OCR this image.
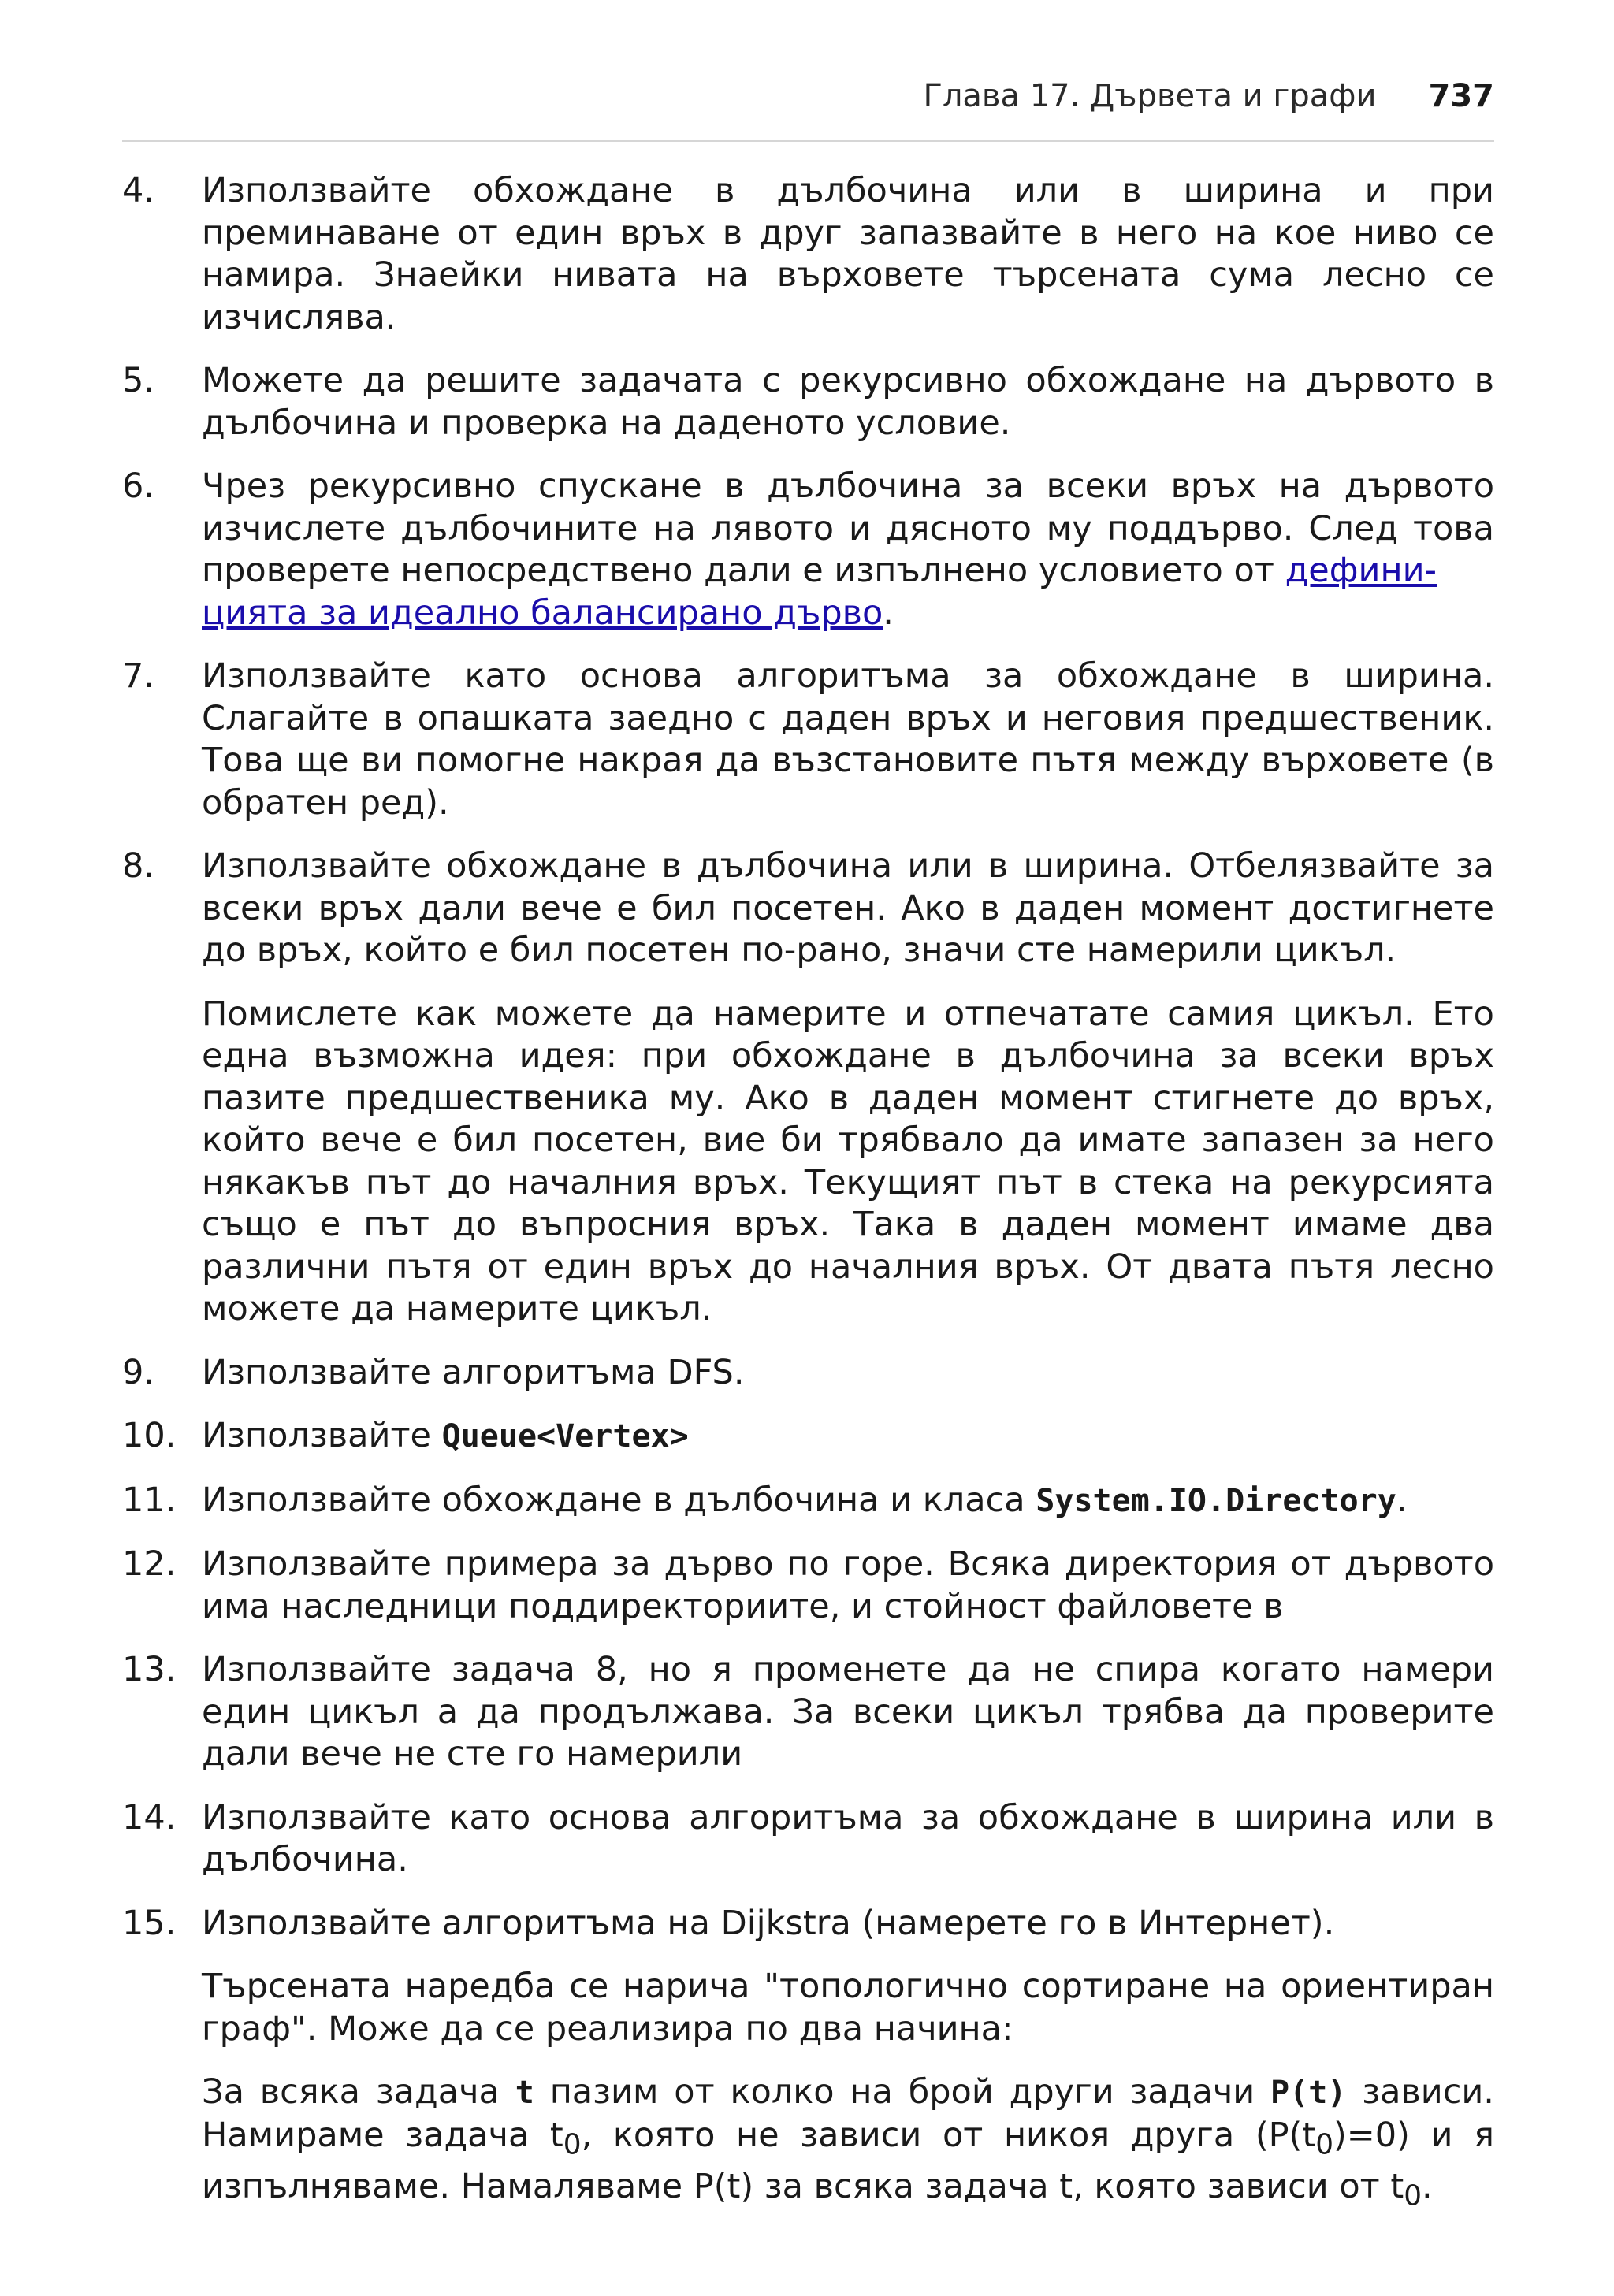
Глава 17. Дървета и графи 737
4.	Използвайте обхождане в дълбочина или в ширина и при преминаване от един връх в друг запазвайте в него на кое ниво се намира. Знаейки нивата на върховете търсената сума лесно се изчислява.

5.	Можете да решите задачата с рекурсивно обхождане на дървото в дълбочина и проверка на даденото условие.

6.	Чрез рекурсивно спускане в дълбочина за всеки връх на дървото изчислете дълбочините на лявото и дясното му поддърво. След това проверете непосредствено дали е изпълнено условието от дефини-
цията за идеално балансирано дърво.

7.	Използвайте като основа алгоритъма за обхождане в ширина. Слагайте в опашката заедно с даден връх и неговия предшественик. Това ще ви помогне накрая да възстановите пътя между върховете (в обратен ред).

8.	Използвайте обхождане в дълбочина или в ширина. Отбелязвайте за всеки връх дали вече е бил посетен. Ако в даден момент достигнете до връх, който е бил посетен по-рано, значи сте намерили цикъл.

Помислете как можете да намерите и отпечатате самия цикъл. Ето една възможна идея: при обхождане в дълбочина за всеки връх пазите предшественика му. Ако в даден момент стигнете до връх, който вече е бил посетен, вие би трябвало да имате запазен за него някакъв път до началния връх. Текущият път в стека на рекурсията също е път до въпросния връх. Така в даден момент имаме два различни пътя от един връх до началния връх. От двата пътя лесно можете да намерите цикъл.

9.	Използвайте алгоритъма DFS.

10. Използвайте Queue<Vertex>

11. Използвайте обхождане в дълбочина и класа System.IO.Directory.

12. Използвайте примера за дърво по горе. Всяка директория от дървото има наследници поддиректориите, и стойност файловете в

13. Използвайте задача 8, но я променете да не спира когато намери един цикъл а да продължава. За всеки цикъл трябва да проверите дали вече не сте го намерили

14. Използвайте като основа алгоритъма за обхождане в ширина или в дълбочина.

15. Използвайте алгоритъма на Dijkstra (намерете го в Интернет).

Търсената наредба се нарича "топологично сортиране на ориентиран граф". Може да се реализира по два начина:

За всяка задача t пазим от колко на брой други задачи P(t) зависи. Намираме задача $t_0$, която не зависи от никоя друга $(P(t_0)=0)$ и я изпълняваме. Намаляваме P(t) за всяка задача t, която зависи от $t_0$.
